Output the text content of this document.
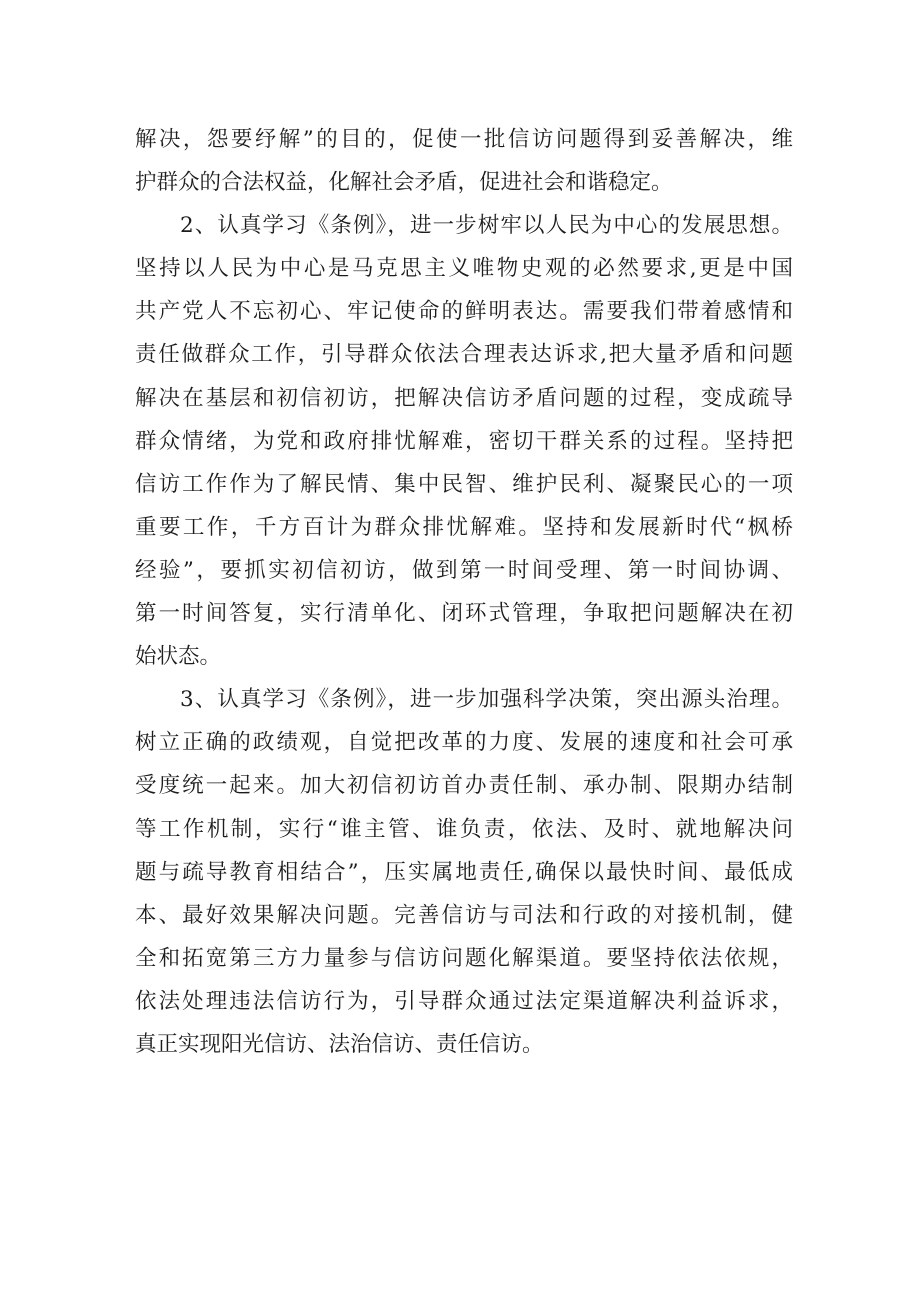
解决，怨要纾解”的目的，促使一批信访问题得到妥善解决，维
护群众的合法权益，化解社会矛盾，促进社会和谐稳定。
2、认真学习《条例》，进一步树牢以人民为中心的发展思想。
坚持以人民为中心是马克思主义唯物史观的必然要求,更是中国
共产党人不忘初心、牢记使命的鲜明表达。需要我们带着感情和
责任做群众工作，引导群众依法合理表达诉求,把大量矛盾和问题
解决在基层和初信初访，把解决信访矛盾问题的过程，变成疏导
群众情绪，为党和政府排忧解难，密切干群关系的过程。坚持把
信访工作作为了解民情、集中民智、维护民利、凝聚民心的一项
重要工作，千方百计为群众排忧解难。坚持和发展新时代“枫桥
经验”，要抓实初信初访，做到第一时间受理、第一时间协调、
第一时间答复，实行清单化、闭环式管理，争取把问题解决在初
始状态。
3、认真学习《条例》，进一步加强科学决策，突出源头治理。
树立正确的政绩观，自觉把改革的力度、发展的速度和社会可承
受度统一起来。加大初信初访首办责任制、承办制、限期办结制
等工作机制，实行“谁主管、谁负责，依法、及时、就地解决问
题与疏导教育相结合”，压实属地责任,确保以最快时间、最低成
本、最好效果解决问题。完善信访与司法和行政的对接机制，健
全和拓宽第三方力量参与信访问题化解渠道。要坚持依法依规，
依法处理违法信访行为，引导群众通过法定渠道解决利益诉求，
真正实现阳光信访、法治信访、责任信访。
